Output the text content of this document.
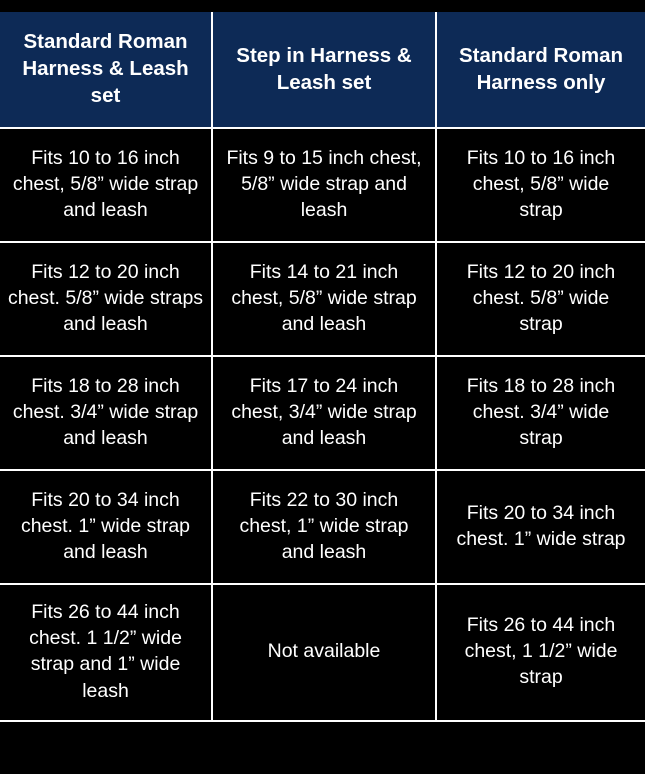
Standard Roman Harness & Leash set	Step in Harness & Leash set	Standard Roman Harness only
Fits 10 to 16 inch chest, 5/8” wide strap and leash	Fits 9 to 15 inch chest, 5/8” wide strap and leash	Fits 10 to 16 inch chest, 5/8” wide strap
Fits 12 to 20 inch chest. 5/8” wide straps and leash	Fits 14 to 21 inch chest, 5/8” wide strap and leash	Fits 12 to 20 inch chest. 5/8” wide strap
Fits 18 to 28 inch chest. 3/4” wide strap and leash	Fits 17 to 24 inch chest, 3/4” wide strap and leash	Fits 18 to 28 inch chest. 3/4” wide strap
Fits 20 to 34 inch chest. 1” wide strap and leash	Fits 22 to 30 inch chest, 1” wide strap and leash	Fits 20 to 34 inch chest. 1” wide strap
Fits 26 to 44 inch chest. 1 1/2” wide strap and 1” wide leash	Not available	Fits 26 to 44 inch chest, 1 1/2” wide strap
